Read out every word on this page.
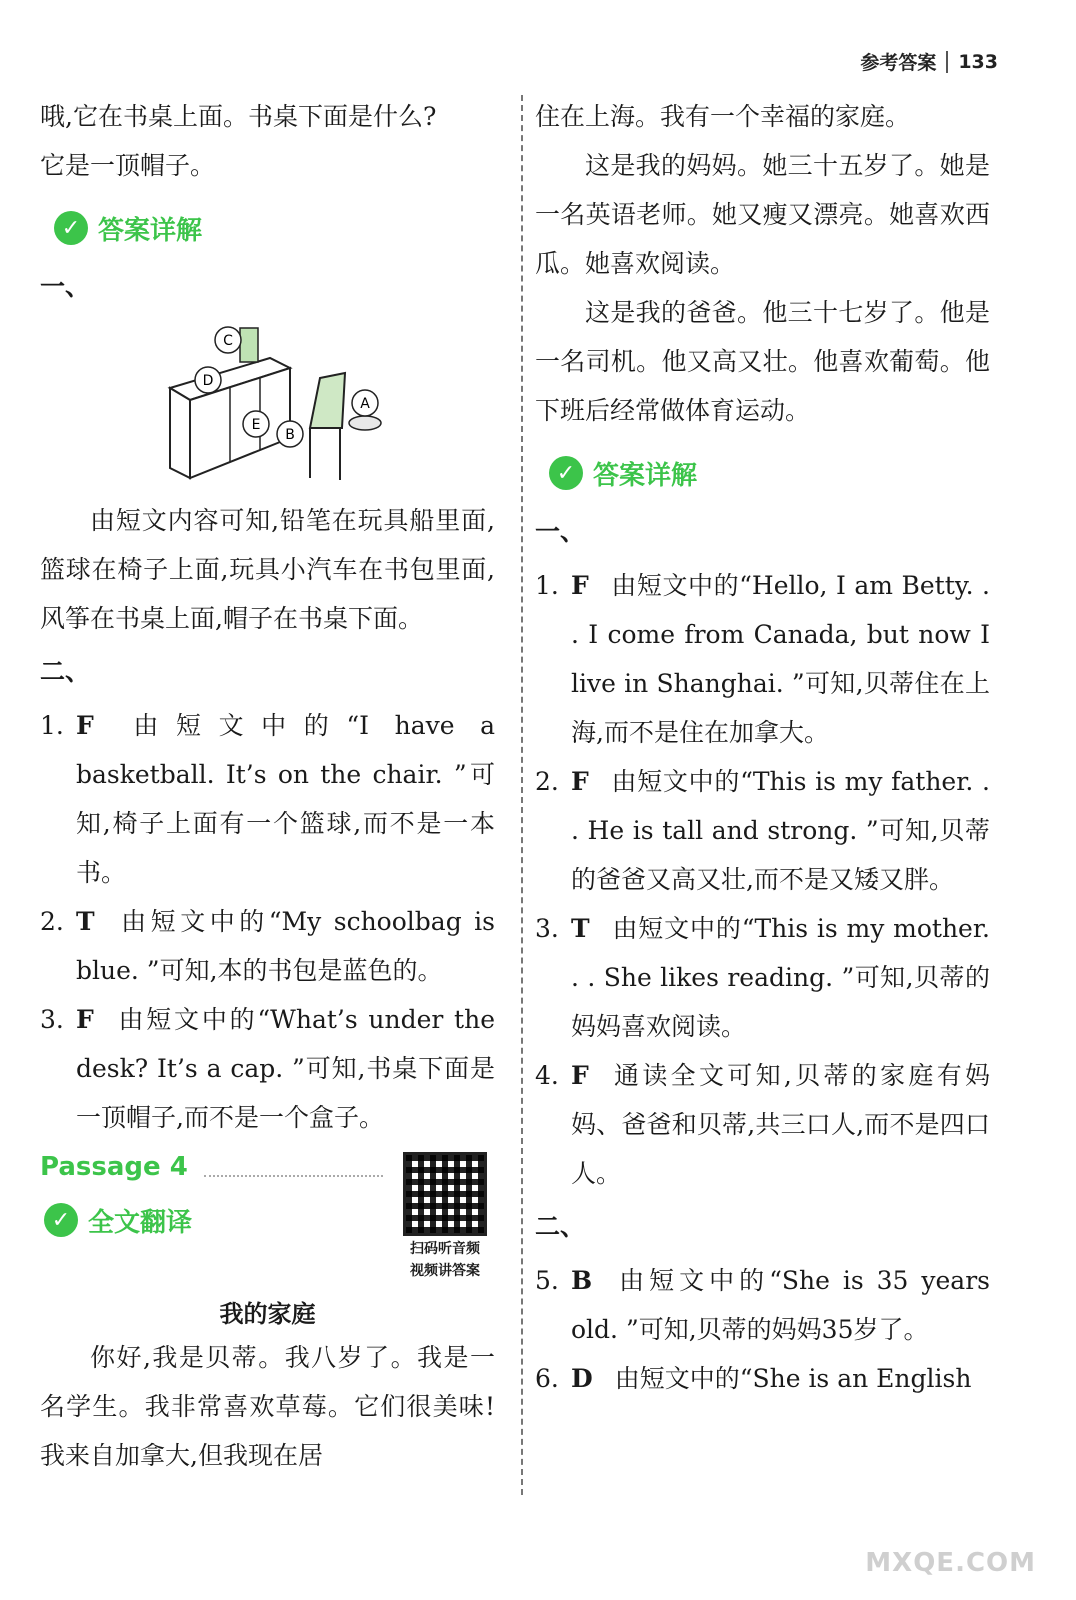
参考答案 133

哦,它在书桌上面。书桌下面是什么?

它是一顶帽子。

✓ 答案详解
一、
C
D
A
B
E

由短文内容可知,铅笔在玩具船里面,篮球在椅子上面,玩具小汽车在书包里面,风筝在书桌上面,帽子在书桌下面。

二、
1. F 由短文中的“I have a basketball. It’s on the chair. ”可知,椅子上面有一个篮球,而不是一本书。
2. T 由短文中的“My schoolbag is blue. ”可知,本的书包是蓝色的。
3. F 由短文中的“What’s under the desk? It’s a cap. ”可知,书桌下面是一顶帽子,而不是一个盒子。
Passage 4
✓ 全文翻译
扫码听音频
视频讲答案
我的家庭

你好,我是贝蒂。我八岁了。我是一名学生。我非常喜欢草莓。它们很美味!我来自加拿大,但我现在居

住在上海。我有一个幸福的家庭。

这是我的妈妈。她三十五岁了。她是一名英语老师。她又瘦又漂亮。她喜欢西瓜。她喜欢阅读。

这是我的爸爸。他三十七岁了。他是一名司机。他又高又壮。他喜欢葡萄。他下班后经常做体育运动。

✓ 答案详解
一、
1. F 由短文中的“Hello, I am Betty. . . I come from Canada, but now I live in Shanghai. ”可知,贝蒂住在上海,而不是住在加拿大。
2. F 由短文中的“This is my father. . . He is tall and strong. ”可知,贝蒂的爸爸又高又壮,而不是又矮又胖。
3. T 由短文中的“This is my mother. . . She likes reading. ”可知,贝蒂的妈妈喜欢阅读。
4. F 通读全文可知,贝蒂的家庭有妈妈、爸爸和贝蒂,共三口人,而不是四口人。
二、
5. B 由短文中的“She is 35 years old. ”可知,贝蒂的妈妈35岁了。
6. D 由短文中的“She is an English
MXQE.COM
